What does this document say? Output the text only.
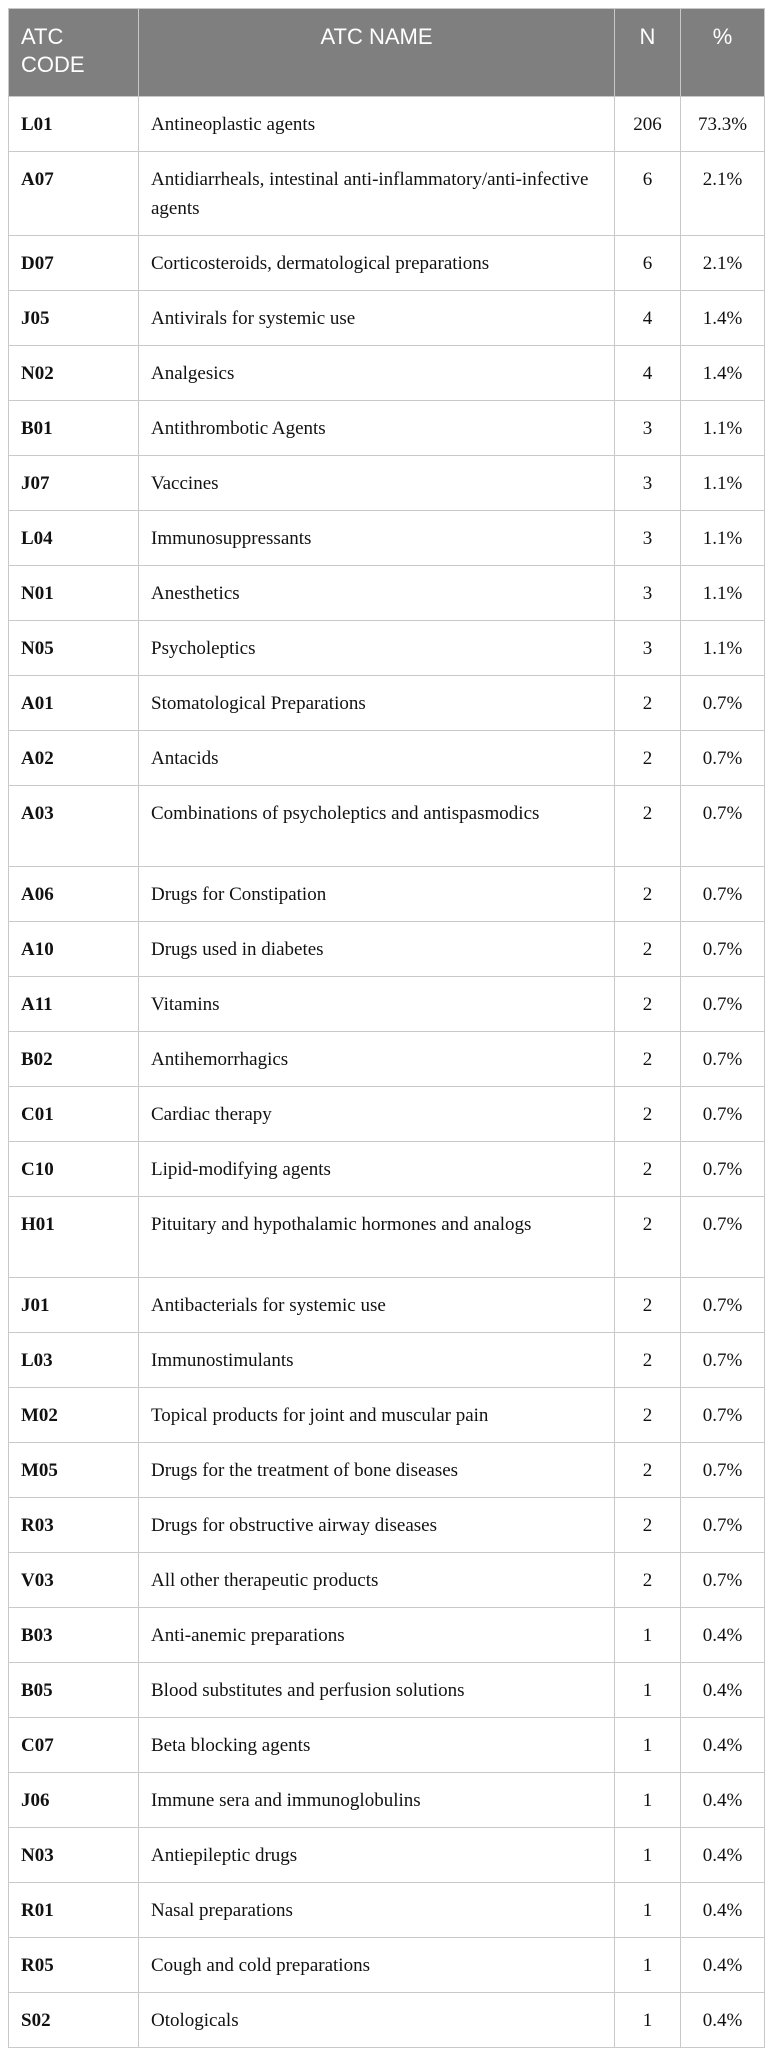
ATC CODE	ATC NAME	N	%
L01	Antineoplastic agents	206	73.3%
A07	Antidiarrheals, intestinal anti-inflammatory/anti-infective agents	6	2.1%
D07	Corticosteroids, dermatological preparations	6	2.1%
J05	Antivirals for systemic use	4	1.4%
N02	Analgesics	4	1.4%
B01	Antithrombotic Agents	3	1.1%
J07	Vaccines	3	1.1%
L04	Immunosuppressants	3	1.1%
N01	Anesthetics	3	1.1%
N05	Psycholeptics	3	1.1%
A01	Stomatological Preparations	2	0.7%
A02	Antacids	2	0.7%
A03	Combinations of psycholeptics and antispasmodics	2	0.7%
A06	Drugs for Constipation	2	0.7%
A10	Drugs used in diabetes	2	0.7%
A11	Vitamins	2	0.7%
B02	Antihemorrhagics	2	0.7%
C01	Cardiac therapy	2	0.7%
C10	Lipid-modifying agents	2	0.7%
H01	Pituitary and hypothalamic hormones and analogs	2	0.7%
J01	Antibacterials for systemic use	2	0.7%
L03	Immunostimulants	2	0.7%
M02	Topical products for joint and muscular pain	2	0.7%
M05	Drugs for the treatment of bone diseases	2	0.7%
R03	Drugs for obstructive airway diseases	2	0.7%
V03	All other therapeutic products	2	0.7%
B03	Anti-anemic preparations	1	0.4%
B05	Blood substitutes and perfusion solutions	1	0.4%
C07	Beta blocking agents	1	0.4%
J06	Immune sera and immunoglobulins	1	0.4%
N03	Antiepileptic drugs	1	0.4%
R01	Nasal preparations	1	0.4%
R05	Cough and cold preparations	1	0.4%
S02	Otologicals	1	0.4%
